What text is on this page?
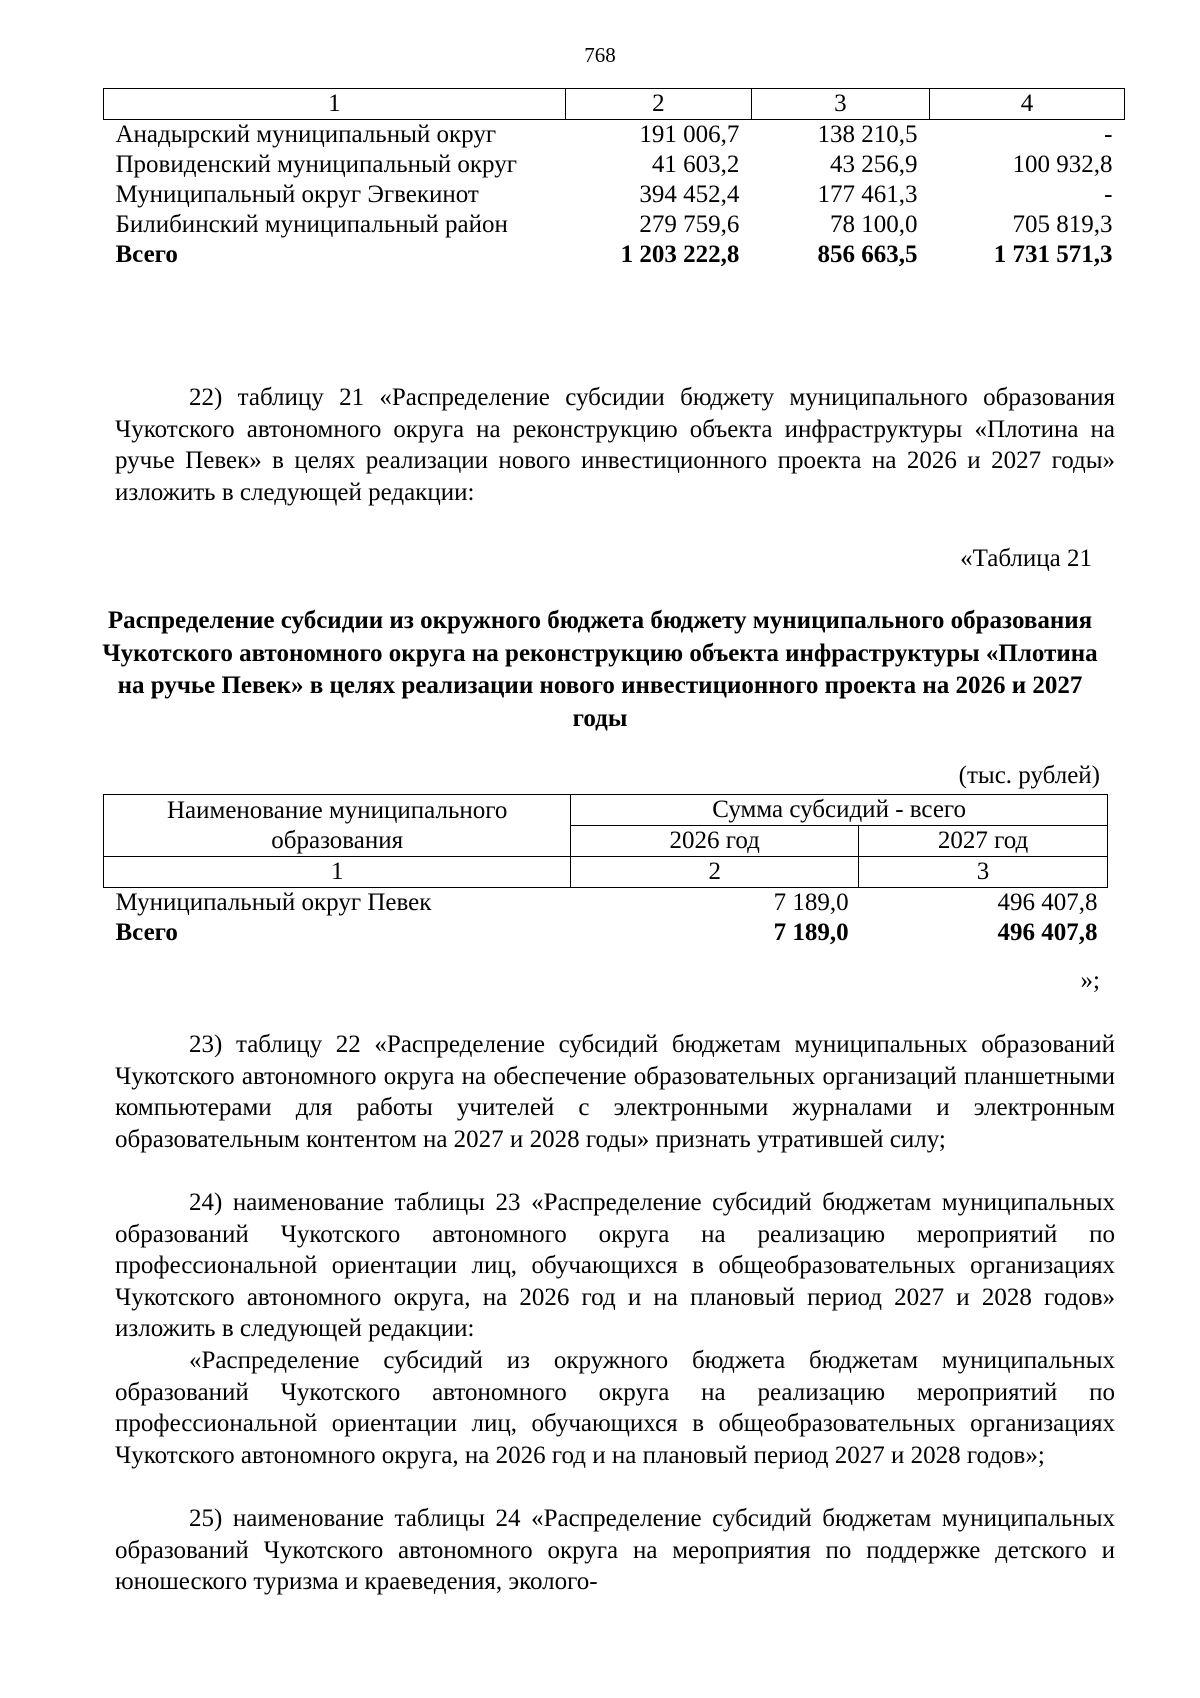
768
1	2	3	4
Анадырский муниципальный округ	191 006,7	138 210,5	-
Провиденский муниципальный округ	41 603,2	43 256,9	100 932,8
Муниципальный округ Эгвекинот	394 452,4	177 461,3	-
Билибинский муниципальный район	279 759,6	78 100,0	705 819,3
Всего	1 203 222,8	856 663,5	1 731 571,3
22) таблицу 21 «Распределение субсидии бюджету муниципального образования Чукотского автономного округа на реконструкцию объекта инфраструктуры «Плотина на ручье Певек» в целях реализации нового инвестиционного проекта на 2026 и 2027 годы» изложить в следующей редакции:
«Таблица 21
Распределение субсидии из окружного бюджета бюджету муниципального образования Чукотского автономного округа на реконструкцию объекта инфраструктуры «Плотина на ручье Певек» в целях реализации нового инвестиционного проекта на 2026 и 2027 годы
(тыс. рублей)
Наименование муниципального образования	Сумма субсидий - всего	
	2026 год	2027 год
1	2	3
Муниципальный округ Певек	7 189,0	496 407,8
Всего	7 189,0	496 407,8
»;
23) таблицу 22 «Распределение субсидий бюджетам муниципальных образований Чукотского автономного округа на обеспечение образовательных организаций планшетными компьютерами для работы учителей с электронными журналами и электронным образовательным контентом на 2027 и 2028 годы» признать утратившей силу;
24) наименование таблицы 23 «Распределение субсидий бюджетам муниципальных образований Чукотского автономного округа на реализацию мероприятий по профессиональной ориентации лиц, обучающихся в общеобразовательных организациях Чукотского автономного округа, на 2026 год и на плановый период 2027 и 2028 годов» изложить в следующей редакции:
«Распределение субсидий из окружного бюджета бюджетам муниципальных образований Чукотского автономного округа на реализацию мероприятий по профессиональной ориентации лиц, обучающихся в общеобразовательных организациях Чукотского автономного округа, на 2026 год и на плановый период 2027 и 2028 годов»;
25) наименование таблицы 24 «Распределение субсидий бюджетам муниципальных образований Чукотского автономного округа на мероприятия по поддержке детского и юношеского туризма и краеведения, эколого-
